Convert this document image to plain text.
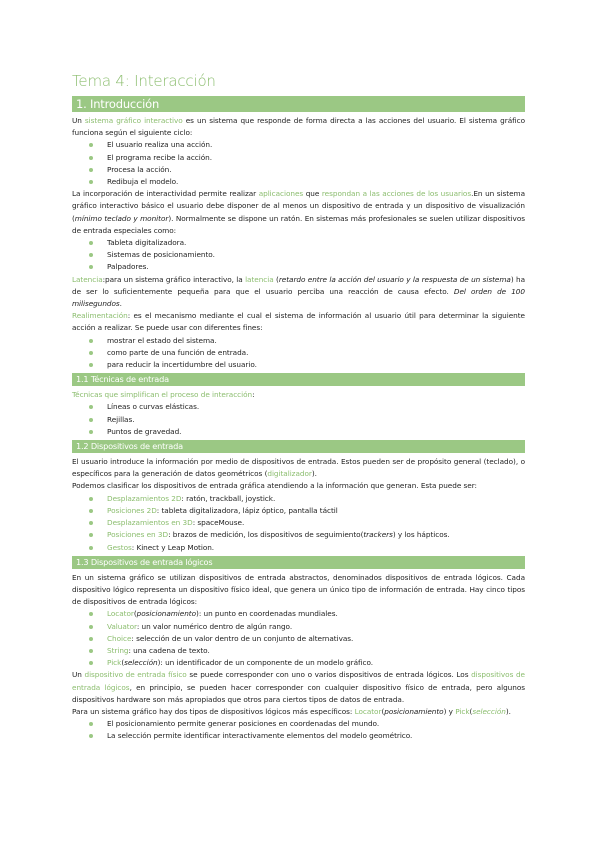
Tema 4: Interacción
1. Introducción

Un sistema gráfico interactivo es un sistema que responde de forma directa a las acciones del usuario. El sistema gráfico funciona según el siguiente ciclo:

El usuario realiza una acción.
El programa recibe la acción.
Procesa la acción.
Redibuja el modelo.

La incorporación de interactividad permite realizar aplicaciones que respondan a las acciones de los usuarios.En un sistema gráfico interactivo básico el usuario debe disponer de al menos un dispositivo de entrada y un dispositivo de visualización (mínimo teclado y monitor). Normalmente se dispone un ratón. En sistemas más profesionales se suelen utilizar dispositivos de entrada especiales como:

Tableta digitalizadora.
Sistemas de posicionamiento.
Palpadores.

Latencia:para un sistema gráfico interactivo, la latencia (retardo entre la acción del usuario y la respuesta de un sistema) ha de ser lo suficientemente pequeña para que el usuario perciba una reacción de causa efecto. Del orden de 100 milisegundos.

Realimentación: es el mecanismo mediante el cual el sistema de información al usuario útil para determinar la siguiente acción a realizar. Se puede usar con diferentes fines:

mostrar el estado del sistema.
como parte de una función de entrada.
para reducir la incertidumbre del usuario.
1.1 Técnicas de entrada

Técnicas que simplifican el proceso de interacción:

Líneas o curvas elásticas.
Rejillas.
Puntos de gravedad.
1.2 Dispositivos de entrada

El usuario introduce la información por medio de dispositivos de entrada. Estos pueden ser de propósito general (teclado), o específicos para la generación de datos geométricos (digitalizador).

Podemos clasificar los dispositivos de entrada gráfica atendiendo a la información que generan. Esta puede ser:

Desplazamientos 2D: ratón, trackball, joystick.
Posiciones 2D: tableta digitalizadora, lápiz óptico, pantalla táctil
Desplazamientos en 3D: spaceMouse.
Posiciones en 3D: brazos de medición, los dispositivos de seguimiento(trackers) y los hápticos.
Gestos: Kinect y Leap Motion.
1.3 Dispositivos de entrada lógicos

En un sistema gráfico se utilizan dispositivos de entrada abstractos, denominados dispositivos de entrada lógicos. Cada dispositivo lógico representa un dispositivo físico ideal, que genera un único tipo de información de entrada. Hay cinco tipos de dispositivos de entrada lógicos:

Locator(posicionamiento): un punto en coordenadas mundiales.
Valuator: un valor numérico dentro de algún rango.
Choice: selección de un valor dentro de un conjunto de alternativas.
String: una cadena de texto.
Pick(selección): un identificador de un componente de un modelo gráfico.

Un dispositivo de entrada físico se puede corresponder con uno o varios dispositivos de entrada lógicos. Los dispositivos de entrada lógicos, en principio, se pueden hacer corresponder con cualquier dispositivo físico de entrada, pero algunos dispositivos hardware son más apropiados que otros para ciertos tipos de datos de entrada.

Para un sistema gráfico hay dos tipos de dispositivos lógicos más específicos: Locator(posicionamiento) y Pick(selección).

El posicionamiento permite generar posiciones en coordenadas del mundo.
La selección permite identificar interactivamente elementos del modelo geométrico.
